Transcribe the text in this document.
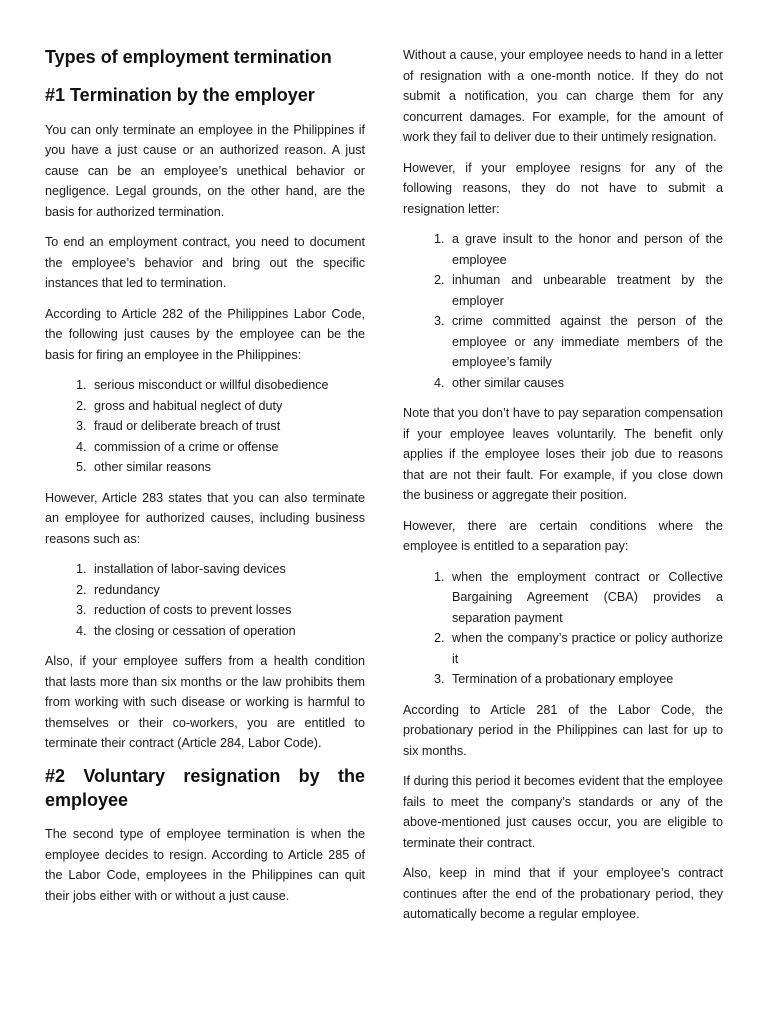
Types of employment termination
#1 Termination by the employer

You can only terminate an employee in the Philippines if you have a just cause or an authorized reason. A just cause can be an employee’s unethical behavior or negligence. Legal grounds, on the other hand, are the basis for authorized termination.

To end an employment contract, you need to document the employee’s behavior and bring out the specific instances that led to termination.

According to Article 282 of the Philippines Labor Code, the following just causes by the employee can be the basis for firing an employee in the Philippines:

1. serious misconduct or willful disobedience
2. gross and habitual neglect of duty
3. fraud or deliberate breach of trust
4. commission of a crime or offense
5. other similar reasons

However, Article 283 states that you can also terminate an employee for authorized causes, including business reasons such as:

1. installation of labor-saving devices
2. redundancy
3. reduction of costs to prevent losses
4. the closing or cessation of operation

Also, if your employee suffers from a health condition that lasts more than six months or the law prohibits them from working with such disease or working is harmful to themselves or their co-workers, you are entitled to terminate their contract (Article 284, Labor Code).

#2 Voluntary resignation by the employee

The second type of employee termination is when the employee decides to resign. According to Article 285 of the Labor Code, employees in the Philippines can quit their jobs either with or without a just cause.

Without a cause, your employee needs to hand in a letter of resignation with a one-month notice. If they do not submit a notification, you can charge them for any concurrent damages. For example, for the amount of work they fail to deliver due to their untimely resignation.

However, if your employee resigns for any of the following reasons, they do not have to submit a resignation letter:

1. a grave insult to the honor and person of the employee
2. inhuman and unbearable treatment by the employer
3. crime committed against the person of the employee or any immediate members of the employee’s family
4. other similar causes

Note that you don’t have to pay separation compensation if your employee leaves voluntarily. The benefit only applies if the employee loses their job due to reasons that are not their fault. For example, if you close down the business or aggregate their position.

However, there are certain conditions where the employee is entitled to a separation pay:

1. when the employment contract or Collective Bargaining Agreement (CBA) provides a separation payment
2. when the company’s practice or policy authorize it
3. Termination of a probationary employee

According to Article 281 of the Labor Code, the probationary period in the Philippines can last for up to six months.

If during this period it becomes evident that the employee fails to meet the company’s standards or any of the above-mentioned just causes occur, you are eligible to terminate their contract.

Also, keep in mind that if your employee’s contract continues after the end of the probationary period, they automatically become a regular employee.
